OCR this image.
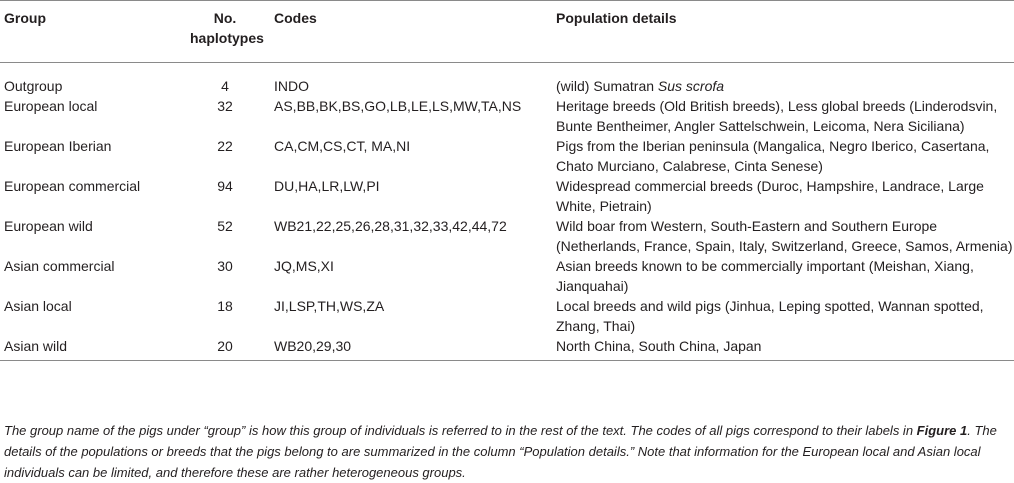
Group	No. haplotypes	Codes	Population details
Outgroup	4	INDO	(wild) Sumatran Sus scrofa
European local	32	AS,BB,BK,BS,GO,LB,LE,LS,MW,TA,NS	Heritage breeds (Old British breeds), Less global breeds (Linderodsvin, Bunte Bentheimer, Angler Sattelschwein, Leicoma, Nera Siciliana)
European Iberian	22	CA,CM,CS,CT, MA,NI	Pigs from the Iberian peninsula (Mangalica, Negro Iberico, Casertana, Chato Murciano, Calabrese, Cinta Senese)
European commercial	94	DU,HA,LR,LW,PI	Widespread commercial breeds (Duroc, Hampshire, Landrace, Large White, Pietrain)
European wild	52	WB21,22,25,26,28,31,32,33,42,44,72	Wild boar from Western, South-Eastern and Southern Europe (Netherlands, France, Spain, Italy, Switzerland, Greece, Samos, Armenia)
Asian commercial	30	JQ,MS,XI	Asian breeds known to be commercially important (Meishan, Xiang, Jianquahai)
Asian local	18	JI,LSP,TH,WS,ZA	Local breeds and wild pigs (Jinhua, Leping spotted, Wannan spotted, Zhang, Thai)
Asian wild	20	WB20,29,30	North China, South China, Japan
The group name of the pigs under “group” is how this group of individuals is referred to in the rest of the text. The codes of all pigs correspond to their labels in Figure 1. The details of the populations or breeds that the pigs belong to are summarized in the column “Population details.” Note that information for the European local and Asian local individuals can be limited, and therefore these are rather heterogeneous groups.
